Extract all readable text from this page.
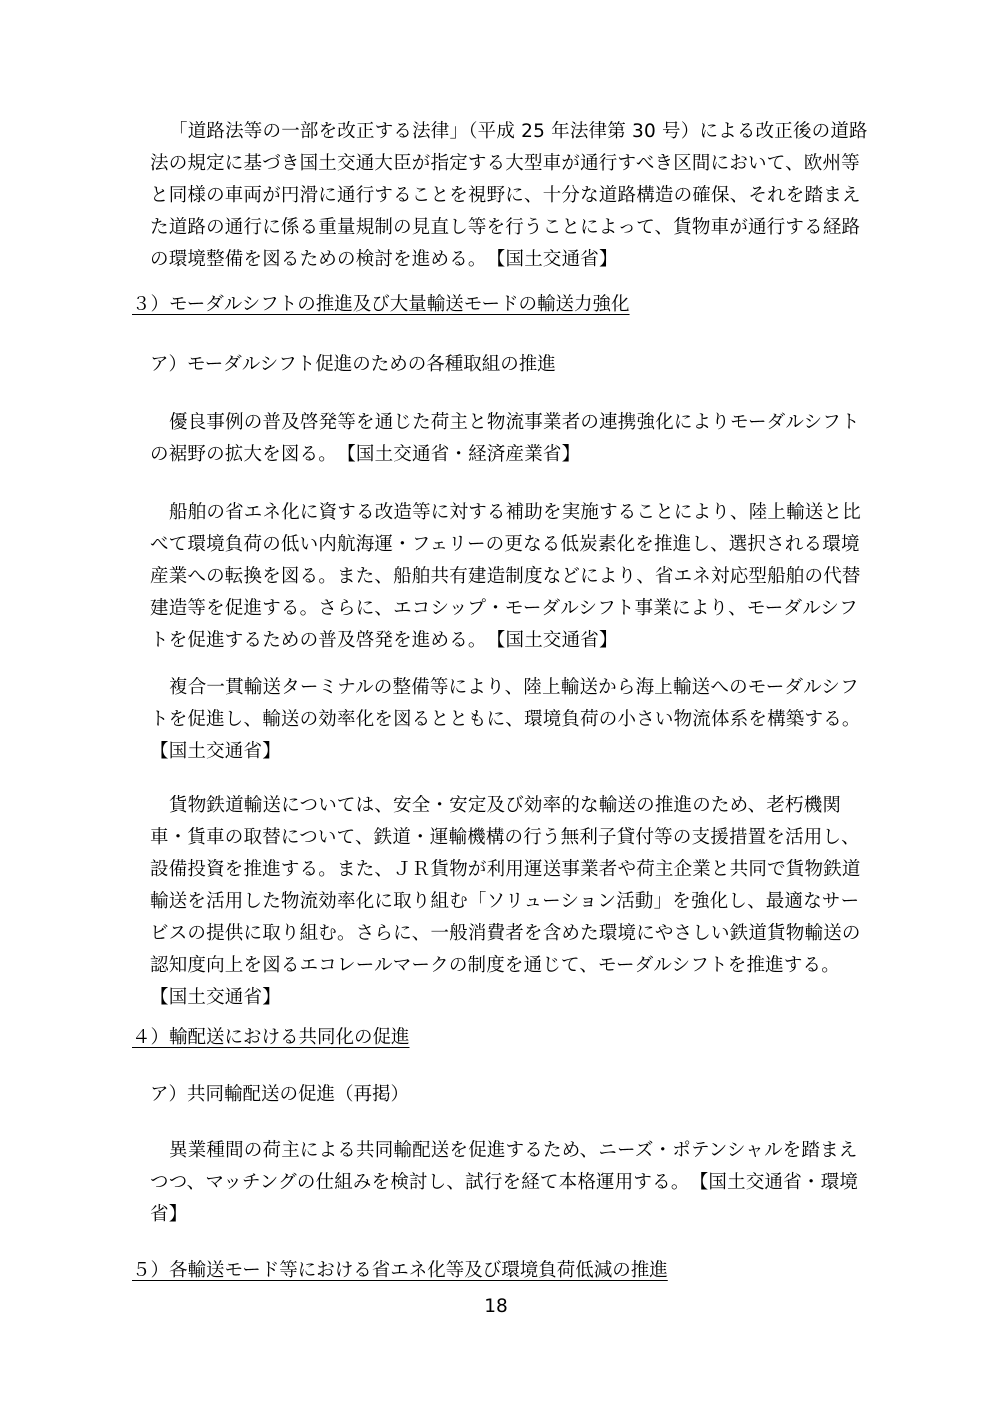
「道路法等の一部を改正する法律」（平成 25 年法律第 30 号）による改正後の道路法の規定に基づき国土交通大臣が指定する大型車が通行すべき区間において、欧州等と同様の車両が円滑に通行することを視野に、十分な道路構造の確保、それを踏まえた道路の通行に係る重量規制の見直し等を行うことによって、貨物車が通行する経路の環境整備を図るための検討を進める。　【国土交通省】

３）モーダルシフトの推進及び大量輸送モードの輸送力強化

ア）モーダルシフト促進のための各種取組の推進

優良事例の普及啓発等を通じた荷主と物流事業者の連携強化によりモーダルシフトの裾野の拡大を図る。　【国土交通省・経済産業省】

船舶の省エネ化に資する改造等に対する補助を実施することにより、陸上輸送と比べて環境負荷の低い内航海運・フェリーの更なる低炭素化を推進し、選択される環境産業への転換を図る。また、船舶共有建造制度などにより、省エネ対応型船舶の代替建造等を促進する。さらに、エコシップ・モーダルシフト事業により、モーダルシフトを促進するための普及啓発を進める。　【国土交通省】

複合一貫輸送ターミナルの整備等により、陸上輸送から海上輸送へのモーダルシフトを促進し、輸送の効率化を図るとともに、環境負荷の小さい物流体系を構築する。【国土交通省】

貨物鉄道輸送については、安全・安定及び効率的な輸送の推進のため、老朽機関車・貨車の取替について、鉄道・運輸機構の行う無利子貸付等の支援措置を活用し、設備投資を推進する。また、ＪＲ貨物が利用運送事業者や荷主企業と共同で貨物鉄道輸送を活用した物流効率化に取り組む「ソリューション活動」を強化し、最適なサービスの提供に取り組む。さらに、一般消費者を含めた環境にやさしい鉄道貨物輸送の認知度向上を図るエコレールマークの制度を通じて、モーダルシフトを推進する。　【国土交通省】

４）輸配送における共同化の促進

ア）共同輸配送の促進（再掲）

異業種間の荷主による共同輸配送を促進するため、ニーズ・ポテンシャルを踏まえつつ、マッチングの仕組みを検討し、試行を経て本格運用する。　【国土交通省・環境省】

５）各輸送モード等における省エネ化等及び環境負荷低減の推進

18
